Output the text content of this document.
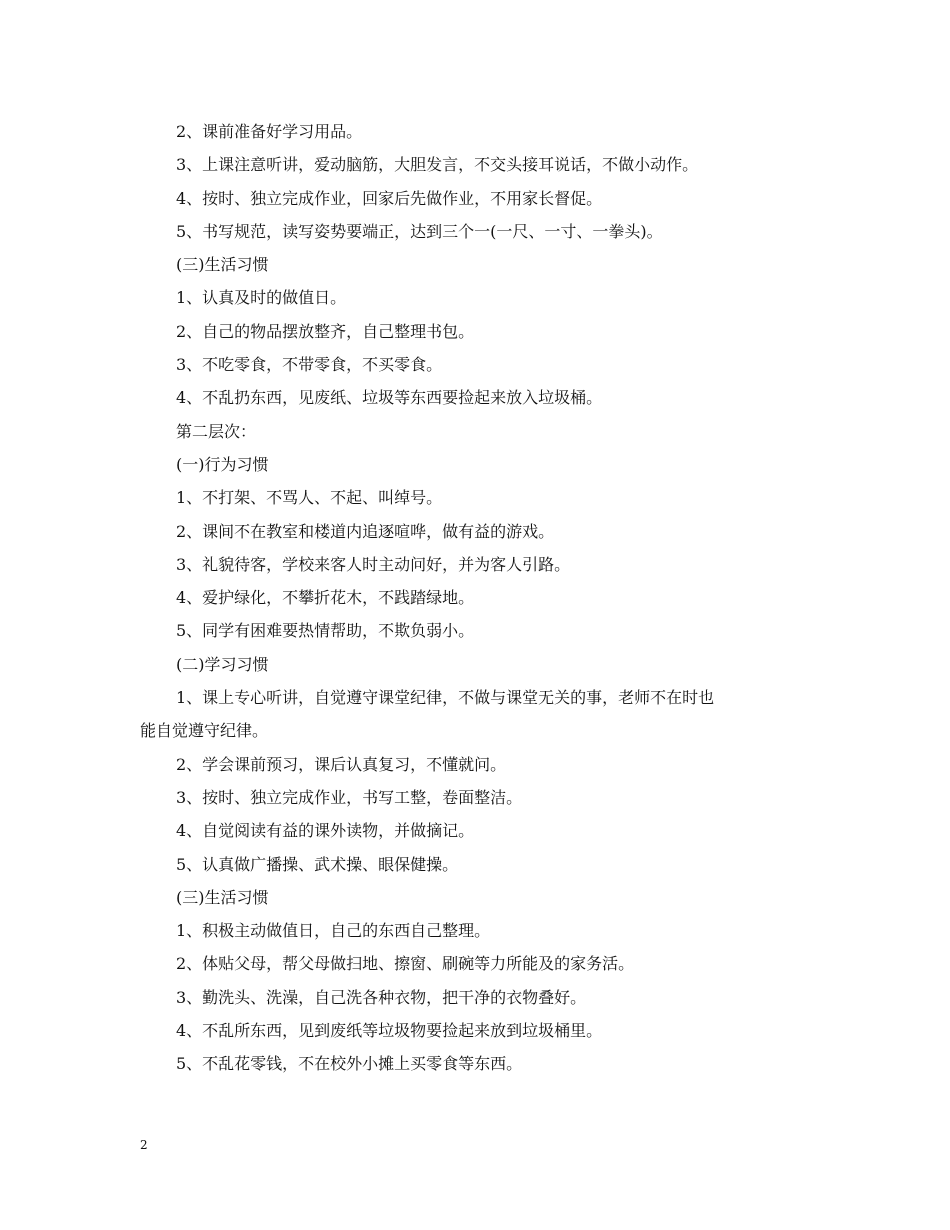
2、课前准备好学习用品。
3、上课注意听讲，爱动脑筋，大胆发言，不交头接耳说话，不做小动作。
4、按时、独立完成作业，回家后先做作业，不用家长督促。
5、书写规范，读写姿势要端正，达到三个一(一尺、一寸、一拳头)。
(三)生活习惯
1、认真及时的做值日。
2、自己的物品摆放整齐，自己整理书包。
3、不吃零食，不带零食，不买零食。
4、不乱扔东西，见废纸、垃圾等东西要捡起来放入垃圾桶。
第二层次：
(一)行为习惯
1、不打架、不骂人、不起、叫绰号。
2、课间不在教室和楼道内追逐喧哗，做有益的游戏。
3、礼貌待客，学校来客人时主动问好，并为客人引路。
4、爱护绿化，不攀折花木，不践踏绿地。
5、同学有困难要热情帮助，不欺负弱小。
(二)学习习惯
1、课上专心听讲，自觉遵守课堂纪律，不做与课堂无关的事，老师不在时也
能自觉遵守纪律。
2、学会课前预习，课后认真复习，不懂就问。
3、按时、独立完成作业，书写工整，卷面整洁。
4、自觉阅读有益的课外读物，并做摘记。
5、认真做广播操、武术操、眼保健操。
(三)生活习惯
1、积极主动做值日，自己的东西自己整理。
2、体贴父母，帮父母做扫地、擦窗、刷碗等力所能及的家务活。
3、勤洗头、洗澡，自己洗各种衣物，把干净的衣物叠好。
4、不乱所东西，见到废纸等垃圾物要捡起来放到垃圾桶里。
5、不乱花零钱，不在校外小摊上买零食等东西。
2
